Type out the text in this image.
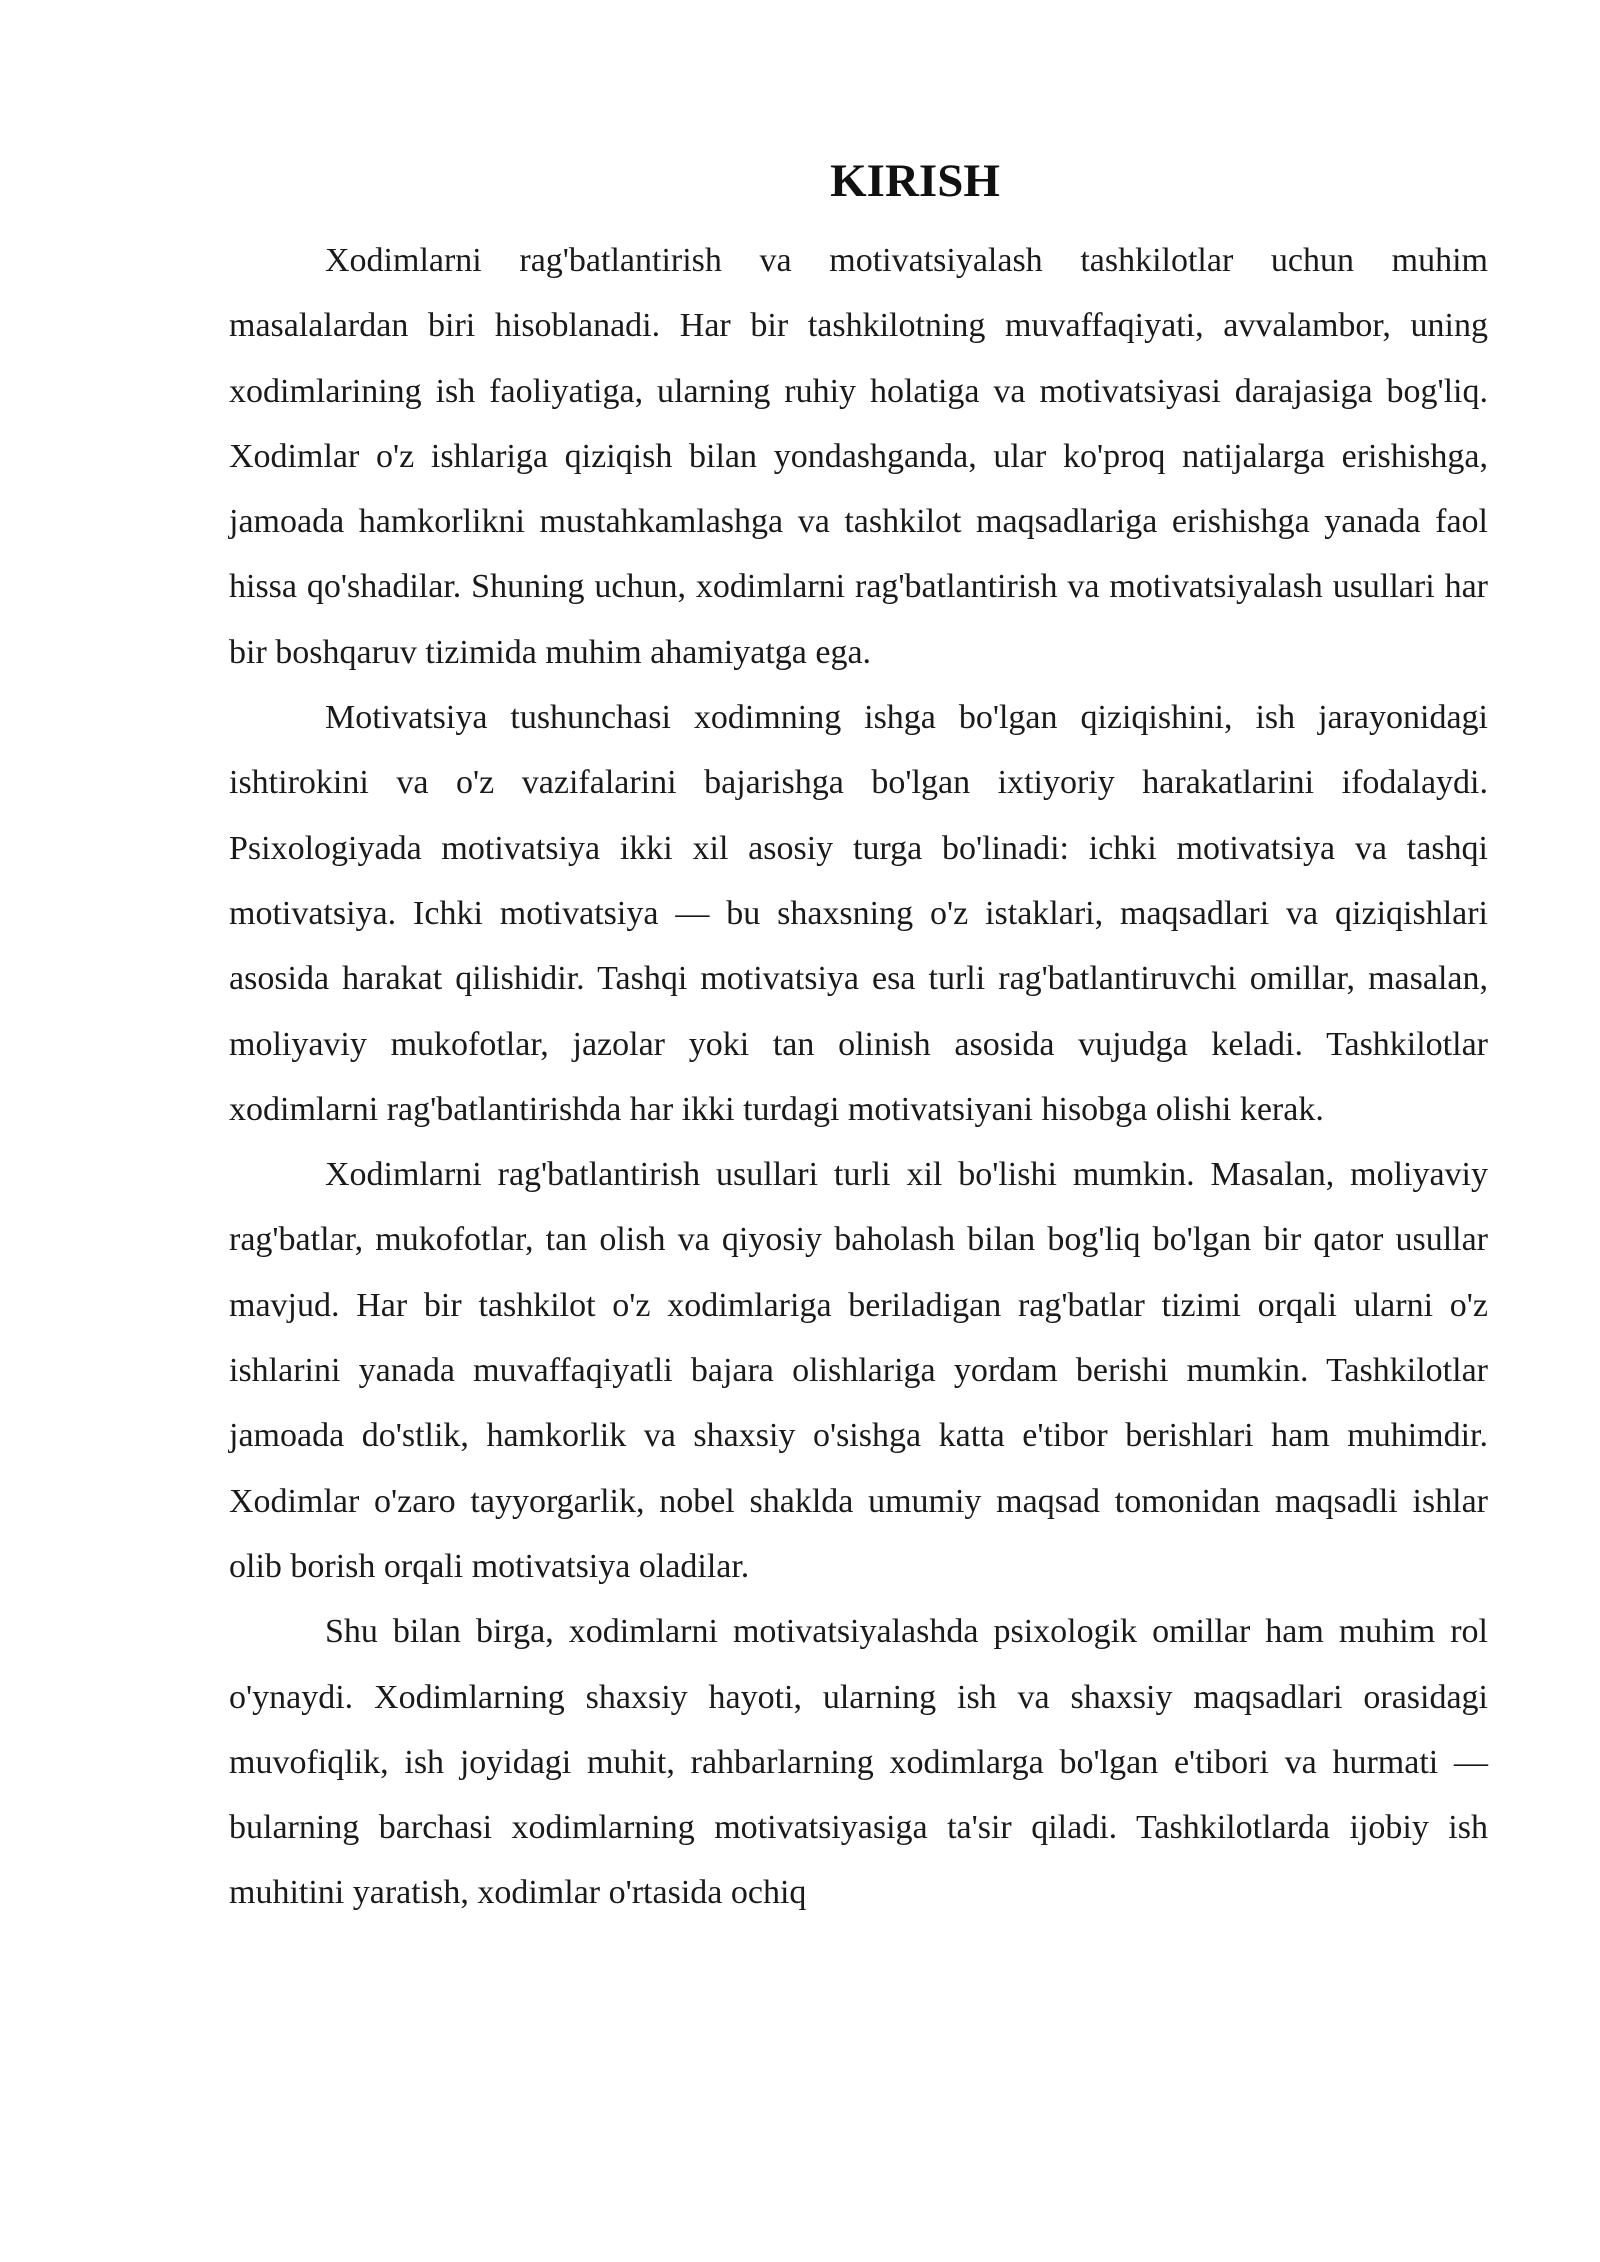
KIRISH

Xodimlarni rag'batlantirish va motivatsiyalash tashkilotlar uchun muhim masalalardan biri hisoblanadi. Har bir tashkilotning muvaffaqiyati, avvalambor, uning xodimlarining ish faoliyatiga, ularning ruhiy holatiga va motivatsiyasi darajasiga bog'liq. Xodimlar o'z ishlariga qiziqish bilan yondashganda, ular ko'proq natijalarga erishishga, jamoada hamkorlikni mustahkamlashga va tashkilot maqsadlariga erishishga yanada faol hissa qo'shadilar. Shuning uchun, xodimlarni rag'batlantirish va motivatsiyalash usullari har bir boshqaruv tizimida muhim ahamiyatga ega.

Motivatsiya tushunchasi xodimning ishga bo'lgan qiziqishini, ish jarayonidagi ishtirokini va o'z vazifalarini bajarishga bo'lgan ixtiyoriy harakatlarini ifodalaydi. Psixologiyada motivatsiya ikki xil asosiy turga bo'linadi: ichki motivatsiya va tashqi motivatsiya. Ichki motivatsiya — bu shaxsning o'z istaklari, maqsadlari va qiziqishlari asosida harakat qilishidir. Tashqi motivatsiya esa turli rag'batlantiruvchi omillar, masalan, moliyaviy mukofotlar, jazolar yoki tan olinish asosida vujudga keladi. Tashkilotlar xodimlarni rag'batlantirishda har ikki turdagi motivatsiyani hisobga olishi kerak.

Xodimlarni rag'batlantirish usullari turli xil bo'lishi mumkin. Masalan, moliyaviy rag'batlar, mukofotlar, tan olish va qiyosiy baholash bilan bog'liq bo'lgan bir qator usullar mavjud. Har bir tashkilot o'z xodimlariga beriladigan rag'batlar tizimi orqali ularni o'z ishlarini yanada muvaffaqiyatli bajara olishlariga yordam berishi mumkin. Tashkilotlar jamoada do'stlik, hamkorlik va shaxsiy o'sishga katta e'tibor berishlari ham muhimdir. Xodimlar o'zaro tayyorgarlik, nobel shaklda umumiy maqsad tomonidan maqsadli ishlar olib borish orqali motivatsiya oladilar.

Shu bilan birga, xodimlarni motivatsiyalashda psixologik omillar ham muhim rol o'ynaydi. Xodimlarning shaxsiy hayoti, ularning ish va shaxsiy maqsadlari orasidagi muvofiqlik, ish joyidagi muhit, rahbarlarning xodimlarga bo'lgan e'tibori va hurmati — bularning barchasi xodimlarning motivatsiyasiga ta'sir qiladi. Tashkilotlarda ijobiy ish muhitini yaratish, xodimlar o'rtasida ochiq
